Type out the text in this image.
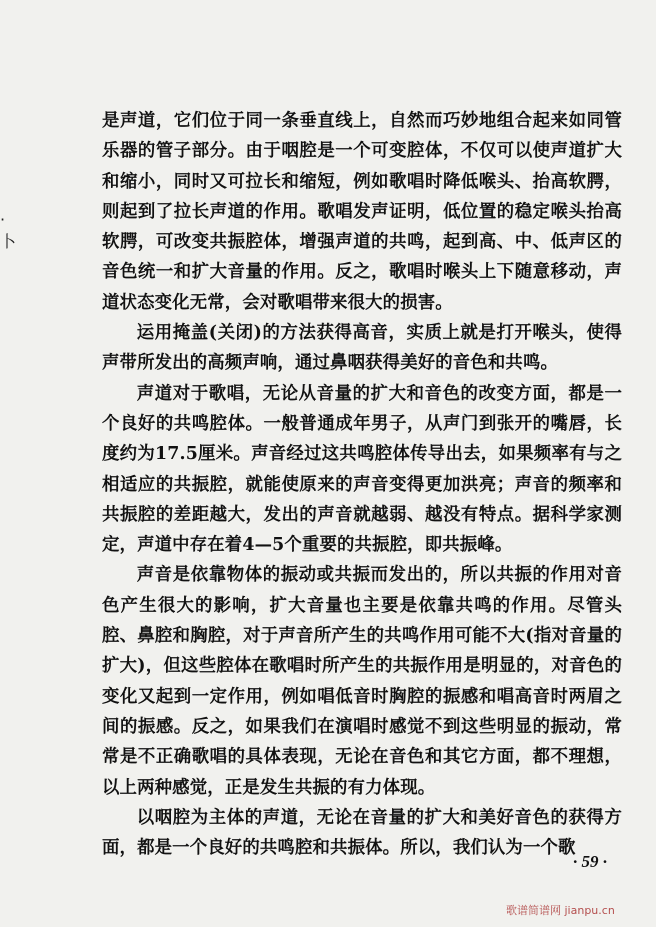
·
卜

是声道，它们位于同一条垂直线上，自然而巧妙地组合起来如同管乐器的管子部分。由于咽腔是一个可变腔体，不仅可以使声道扩大和缩小，同时又可拉长和缩短，例如歌唱时降低喉头、抬高软腭，则起到了拉长声道的作用。歌唱发声证明，低位置的稳定喉头抬高软腭，可改变共振腔体，增强声道的共鸣，起到高、中、低声区的音色统一和扩大音量的作用。反之，歌唱时喉头上下随意移动，声道状态变化无常，会对歌唱带来很大的损害。

运用掩盖(关闭)的方法获得高音，实质上就是打开喉头，使得声带所发出的高频声响，通过鼻咽获得美好的音色和共鸣。

声道对于歌唱，无论从音量的扩大和音色的改变方面，都是一个良好的共鸣腔体。一般普通成年男子，从声门到张开的嘴唇，长度约为17.5厘米。声音经过这共鸣腔体传导出去，如果频率有与之相适应的共振腔，就能使原来的声音变得更加洪亮；声音的频率和共振腔的差距越大，发出的声音就越弱、越没有特点。据科学家测定，声道中存在着4—5个重要的共振腔，即共振峰。

声音是依靠物体的振动或共振而发出的，所以共振的作用对音色产生很大的影响，扩大音量也主要是依靠共鸣的作用。尽管头腔、鼻腔和胸腔，对于声音所产生的共鸣作用可能不大(指对音量的扩大)，但这些腔体在歌唱时所产生的共振作用是明显的，对音色的变化又起到一定作用，例如唱低音时胸腔的振感和唱高音时两眉之间的振感。反之，如果我们在演唱时感觉不到这些明显的振动，常常是不正确歌唱的具体表现，无论在音色和其它方面，都不理想，以上两种感觉，正是发生共振的有力体现。

以咽腔为主体的声道，无论在音量的扩大和美好音色的获得方面，都是一个良好的共鸣腔和共振体。所以，我们认为一个歌

· 59 ·
歌谱简谱网 jianpu.cn
